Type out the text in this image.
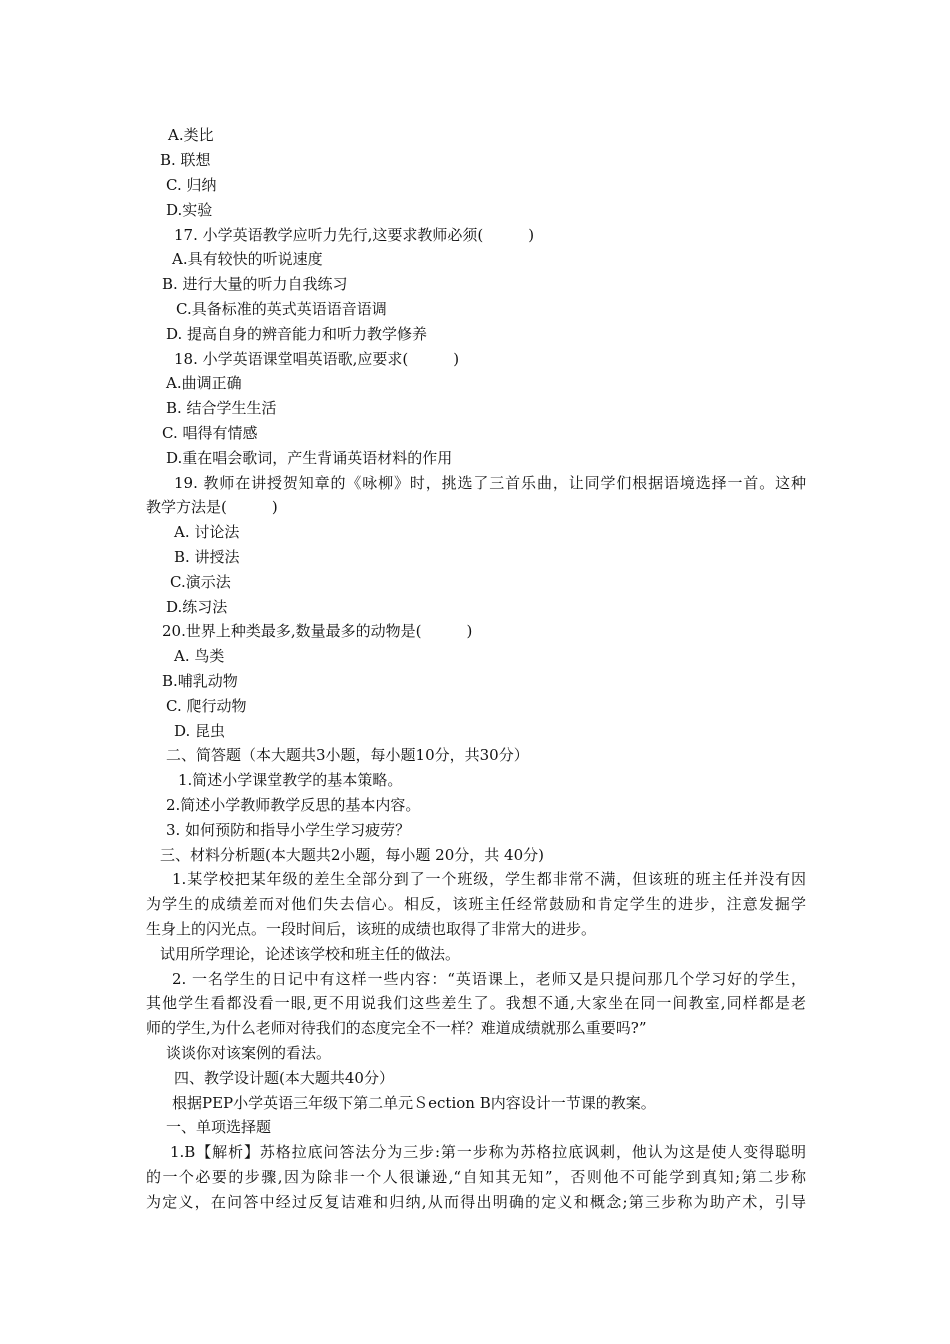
A.类比
B. 联想
C. 归纳
D.实验
17. 小学英语教学应听力先行,这要求教师必须(　　　)
A.具有较快的听说速度
B. 进行大量的听力自我练习
C.具备标准的英式英语语音语调
D. 提高自身的辨音能力和听力教学修养
18. 小学英语课堂唱英语歌,应要求(　　　)
A.曲调正确
B. 结合学生生活
C. 唱得有情感
D.重在唱会歌词，产生背诵英语材料的作用
19. 教师在讲授贺知章的《咏柳》时，挑选了三首乐曲，让同学们根据语境选择一首。这种
教学方法是(　　　)
A. 讨论法
B. 讲授法
C.演示法
D.练习法
20.世界上种类最多,数量最多的动物是(　　　)
A. 鸟类
B.哺乳动物
C. 爬行动物
D. 昆虫
二、简答题（本大题共3小题，每小题10分，共30分）
1.简述小学课堂教学的基本策略。
2.简述小学教师教学反思的基本内容。
3. 如何预防和指导小学生学习疲劳？
三、材料分析题(本大题共2小题，每小题 20分，共 40分)
1.某学校把某年级的差生全部分到了一个班级，学生都非常不满，但该班的班主任并没有因
为学生的成绩差而对他们失去信心。相反，该班主任经常鼓励和肯定学生的进步，注意发掘学
生身上的闪光点。一段时间后，该班的成绩也取得了非常大的进步。
试用所学理论，论述该学校和班主任的做法。
2. 一名学生的日记中有这样一些内容：“英语课上，老师又是只提问那几个学习好的学生，
其他学生看都没看一眼,更不用说我们这些差生了。我想不通,大家坐在同一间教室,同样都是老
师的学生,为什么老师对待我们的态度完全不一样？难道成绩就那么重要吗?”
谈谈你对该案例的看法。
四、教学设计题(本大题共40分）
根据PEP小学英语三年级下第二单元Ｓection B内容设计一节课的教案。
一、单项选择题
1.B【解析】苏格拉底问答法分为三步:第一步称为苏格拉底讽刺，他认为这是使人变得聪明
的一个必要的步骤,因为除非一个人很谦逊,“自知其无知”，否则他不可能学到真知;第二步称
为定义，在问答中经过反复诘难和归纳,从而得出明确的定义和概念;第三步称为助产术，引导
